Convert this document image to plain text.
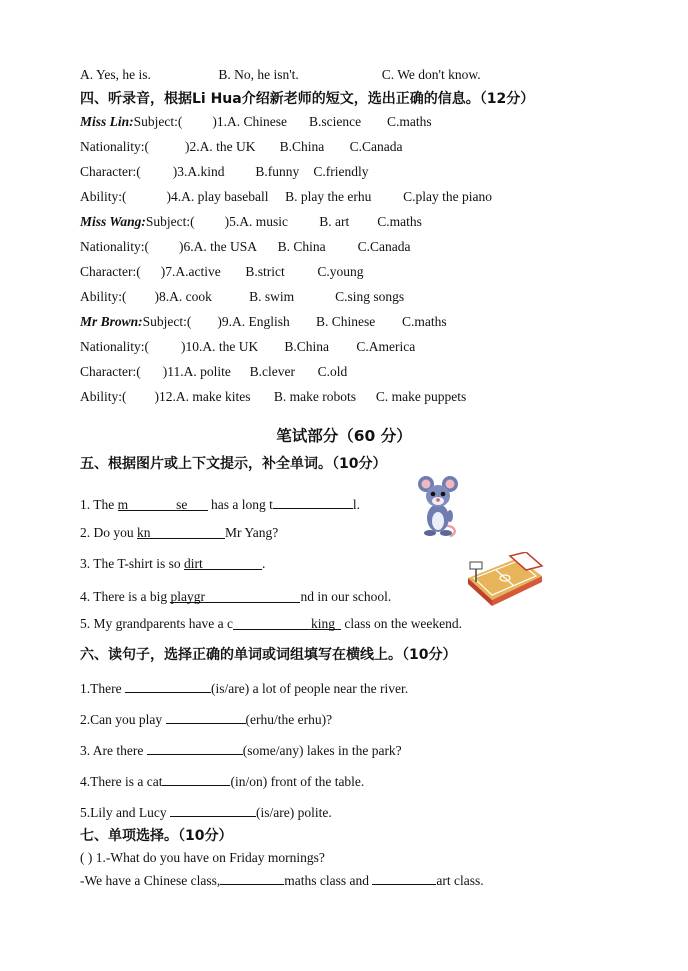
A. Yes, he is.	B. No, he isn't.	C. We don't know.
四、听录音，根据Li Hua介绍新老师的短文，选出正确的信息。（12分）
Miss Lin:Subject:( )1.A. Chinese B.science C.maths
Nationality:(	)2.A. the UK B.China C.Canada
Character:( )3.A.kind B.funny C.friendly
Ability:(	)4.A. play baseball B. play the erhu C.play the piano
Miss Wang:Subject:( )5.A. music B. art C.maths
Nationality:( )6.A. the USA B. China C.Canada
Character:( )7.A.active B.strict C.young
Ability:( )8.A. cook	B. swim	C.sing songs
Mr Brown:Subject:( )9.A. English B. Chinese C.maths
Nationality:( )10.A. the UK B.China C.America
Character:( )11.A. polite B.clever C.old
Ability:( )12.A. make kites B. make robots C. make puppets
笔试部分（60 分）
五、根据图片或上下文提示，补全单词。（10分）
1. The m	se has a long t	l.
2. Do you kn	Mr Yang?
3. The T-shirt is so dirt	.
4. There is a big playgr	nd in our school.
5. My grandparents have a c	king class on the weekend.
六、读句子，选择正确的单词或词组填写在横线上。（10分）
1.There	(is/are) a lot of people near the river.
2.Can you play	(erhu/the erhu)?
3. Are there	(some/any) lakes in the park?
4.There is a cat	(in/on) front of the table.
5.Lily and Lucy	(is/are) polite.
七、单项选择。（10分）
( ) 1.-What do you have on Friday mornings?
-We have a Chinese class,	maths class and	art class.
